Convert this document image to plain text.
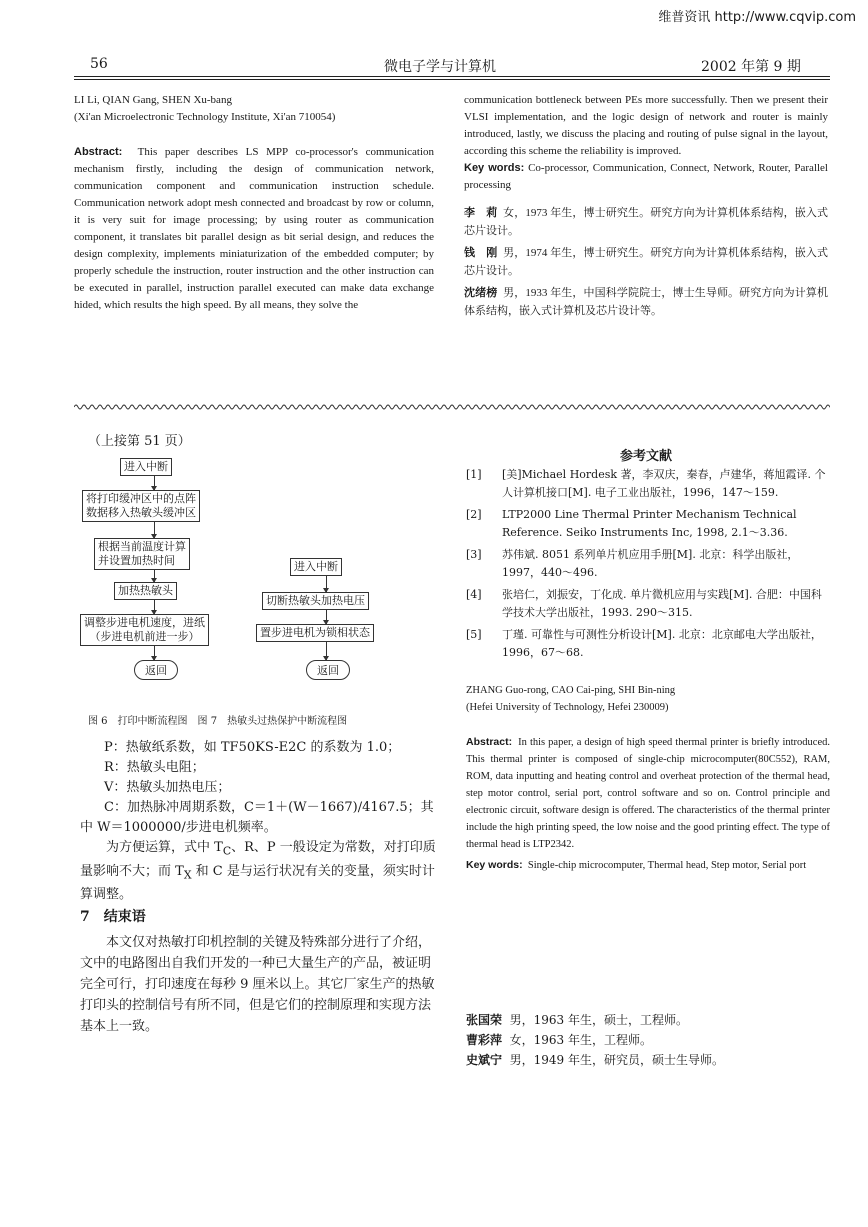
维普资讯 http://www.cqvip.com
56	微电子学与计算机	2002 年第 9 期

LI Li, QIAN Gang, SHEN Xu-bang

(Xi'an Microelectronic Technology Institute, Xi'an 710054)

Abstract: This paper describes LS MPP co-processor's communication mechanism firstly, including the design of communication network, communication component and communication instruction schedule. Communication network adopt mesh connected and broadcast by row or column, it is very suit for image processing; by using router as communication component, it translates bit parallel design as bit serial design, and reduces the design complexity, implements miniaturization of the embedded computer; by properly schedule the instruction, router instruction and the other instruction can be executed in parallel, instruction parallel executed can make data exchange hided, which results the high speed. By all means, they solve the

communication bottleneck between PEs more successfully. Then we present their VLSI implementation, and the logic design of network and router is mainly introduced, lastly, we discuss the placing and routing of pulse signal in the layout, according this scheme the reliability is improved.

Key words: Co-processor, Communication, Connect, Network, Router, Parallel processing

李　莉 女，1973 年生，博士研究生。研究方向为计算机体系结构，嵌入式芯片设计。

钱　刚 男，1974 年生，博士研究生。研究方向为计算机体系结构，嵌入式芯片设计。

沈绪榜 男，1933 年生，中国科学院院士，博士生导师。研究方向为计算机体系结构，嵌入式计算机及芯片设计等。

（上接第 51 页）
进入中断
将打印缓冲区中的点阵
数据移入热敏头缓冲区
根据当前温度计算
并设置加热时间
加热热敏头
调整步进电机速度，进纸
（步进电机前进一步）
返回
进入中断
切断热敏头加热电压
置步进电机为锁相状态
返回
图 6　打印中断流程图　图 7　热敏头过热保护中断流程图

P：热敏纸系数，如 TF50KS-E2C 的系数为 1.0；

R：热敏头电阻；

V：热敏头加热电压；

C：加热脉冲周期系数，C＝1＋(W－1667)/4167.5；其中 W＝1000000/步进电机频率。

为方便运算，式中 $T_C$、R、P 一般设定为常数，对打印质量影响不大；而 $T_X$ 和 C 是与运行状况有关的变量，须实时计算调整。

7　结束语

本文仅对热敏打印机控制的关键及特殊部分进行了介绍，文中的电路图出自我们开发的一种已大量生产的产品，被证明完全可行，打印速度在每秒 9 厘米以上。其它厂家生产的热敏打印头的控制信号有所不同，但是它们的控制原理和实现方法基本上一致。

参考文献
[1] [美]Michael Hordesk 著，李双庆，秦春，卢建华，蒋旭霞译. 个人计算机接口[M]. 电子工业出版社，1996，147～159.
[2] LTP2000 Line Thermal Printer Mechanism Technical Reference. Seiko Instruments Inc, 1998, 2.1～3.36.
[3] 苏伟斌. 8051 系列单片机应用手册[M]. 北京：科学出版社，1997，440～496.
[4] 张培仁，刘振安，丁化成. 单片微机应用与实践[M]. 合肥：中国科学技术大学出版社，1993. 290～315.
[5] 丁瑾. 可靠性与可测性分析设计[M]. 北京：北京邮电大学出版社，1996，67～68.

ZHANG Guo-rong, CAO Cai-ping, SHI Bin-ning

(Hefei University of Technology, Hefei 230009)

Abstract: In this paper, a design of high speed thermal printer is briefly introduced. This thermal printer is composed of single-chip microcomputer(80C552), RAM, ROM, data inputting and heating control and overheat protection of the thermal head, step motor control, serial port, control software and so on. Control principle and electronic circuit, software design is offered. The characteristics of the thermal printer include the high printing speed, the low noise and the good printing effect. The type of thermal head is LTP2342.

Key words: Single-chip microcomputer, Thermal head, Step motor, Serial port

张国荣 男，1963 年生，硕士，工程师。

曹彩萍 女，1963 年生，工程师。

史斌宁 男，1949 年生，研究员，硕士生导师。
